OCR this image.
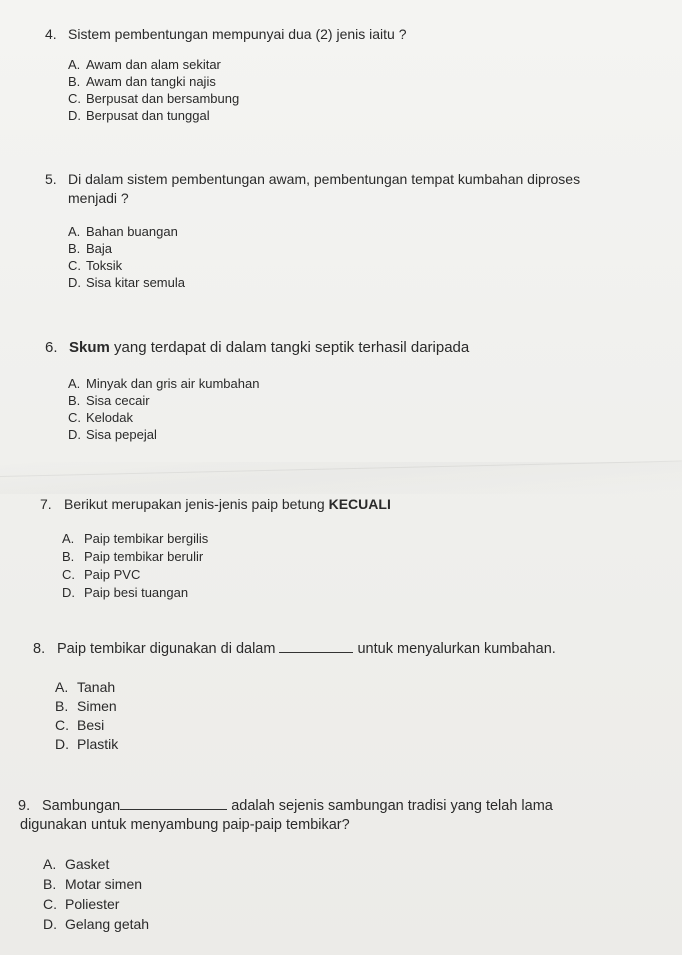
4. Sistem pembentungan mempunyai dua (2) jenis iaitu ?
A. Awam dan alam sekitar
B. Awam dan tangki najis
C. Berpusat dan bersambung
D. Berpusat dan tunggal
5. Di dalam sistem pembentungan awam, pembentungan tempat kumbahan diproses
menjadi ?
A. Bahan buangan
B. Baja
C. Toksik
D. Sisa kitar semula
6. Skum yang terdapat di dalam tangki septik terhasil daripada
A. Minyak dan gris air kumbahan
B. Sisa cecair
C. Kelodak
D. Sisa pepejal
7. Berikut merupakan jenis-jenis paip betung KECUALI
A. Paip tembikar bergilis
B. Paip tembikar berulir
C. Paip PVC
D. Paip besi tuangan
8. Paip tembikar digunakan di dalam	untuk menyalurkan kumbahan.
A. Tanah
B. Simen
C. Besi
D. Plastik
9. Sambungan	adalah sejenis sambungan tradisi yang telah lama
digunakan untuk menyambung paip-paip tembikar?
A. Gasket
B. Motar simen
C. Poliester
D. Gelang getah
